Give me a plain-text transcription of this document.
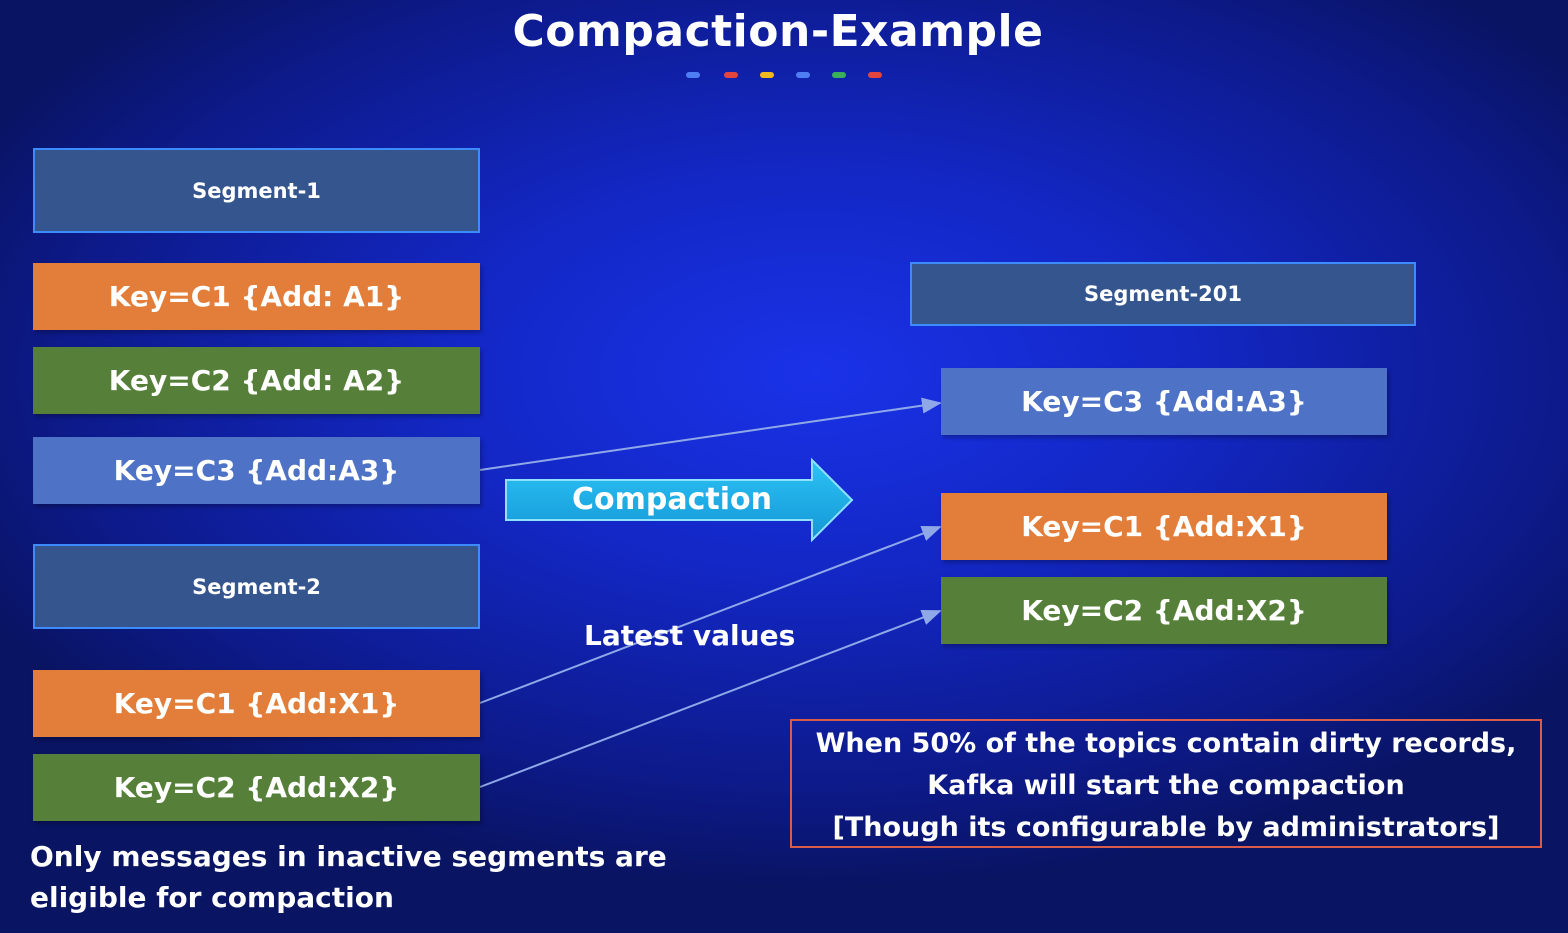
Compaction-Example
Segment-1
Key=C1 {Add: A1}
Key=C2 {Add: A2}
Key=C3 {Add:A3}
Segment-2
Key=C1 {Add:X1}
Key=C2 {Add:X2}
Segment-201
Key=C3 {Add:A3}
Key=C1 {Add:X1}
Key=C2 {Add:X2}
Compaction
Latest values
When 50% of the topics contain dirty records,
Kafka will start the compaction
[Though its configurable by administrators]
Only messages in inactive segments are
eligible for compaction
